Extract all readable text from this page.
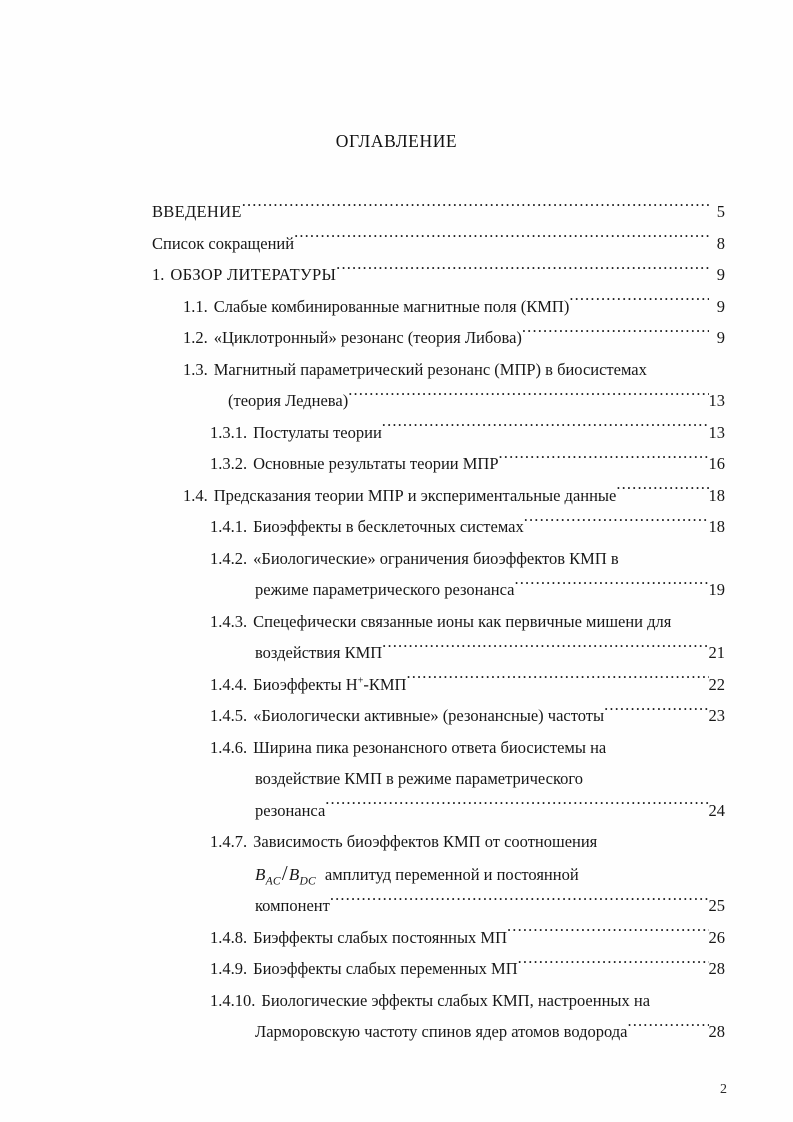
ОГЛАВЛЕНИЕ
ВВЕДЕНИЕ .....	5
Список сокращений .....	8
1. ОБЗОР ЛИТЕРАТУРЫ .....	9
1.1. Слабые комбинированные магнитные поля (КМП) .....	9
1.2. «Циклотронный» резонанс (теория Либова) .....	9
1.3. Магнитный параметрический резонанс (МПР) в биосистемах
(теория Леднева) .....	13
1.3.1. Постулаты теории .....	13
1.3.2. Основные результаты теории МПР .....	16
1.4. Предсказания теории МПР и экспериментальные данные .....	18
1.4.1. Биоэффекты в бесклеточных системах .....	18
1.4.2. «Биологические» ограничения биоэффектов КМП в
режиме параметрического резонанса .....	19
1.4.3. Спецефически связанные ионы как первичные мишени для
воздействия КМП .....	21
1.4.4. Биоэффекты Н+-КМП .....	22
1.4.5. «Биологически активные» (резонансные) частоты .....	23
1.4.6. Ширина пика резонансного ответа биосистемы на
воздействие КМП в режиме параметрического
резонанса .....	24
1.4.7. Зависимость биоэффектов КМП от соотношения
$B_{AC}/B_{DC}$ амплитуд переменной и постоянной
компонент .....	25
1.4.8. Биэффекты слабых постоянных МП .....	26
1.4.9. Биоэффекты слабых переменных МП .....	28
1.4.10. Биологические эффекты слабых КМП, настроенных на
Ларморовскую частоту спинов ядер атомов водорода .....	28
2
